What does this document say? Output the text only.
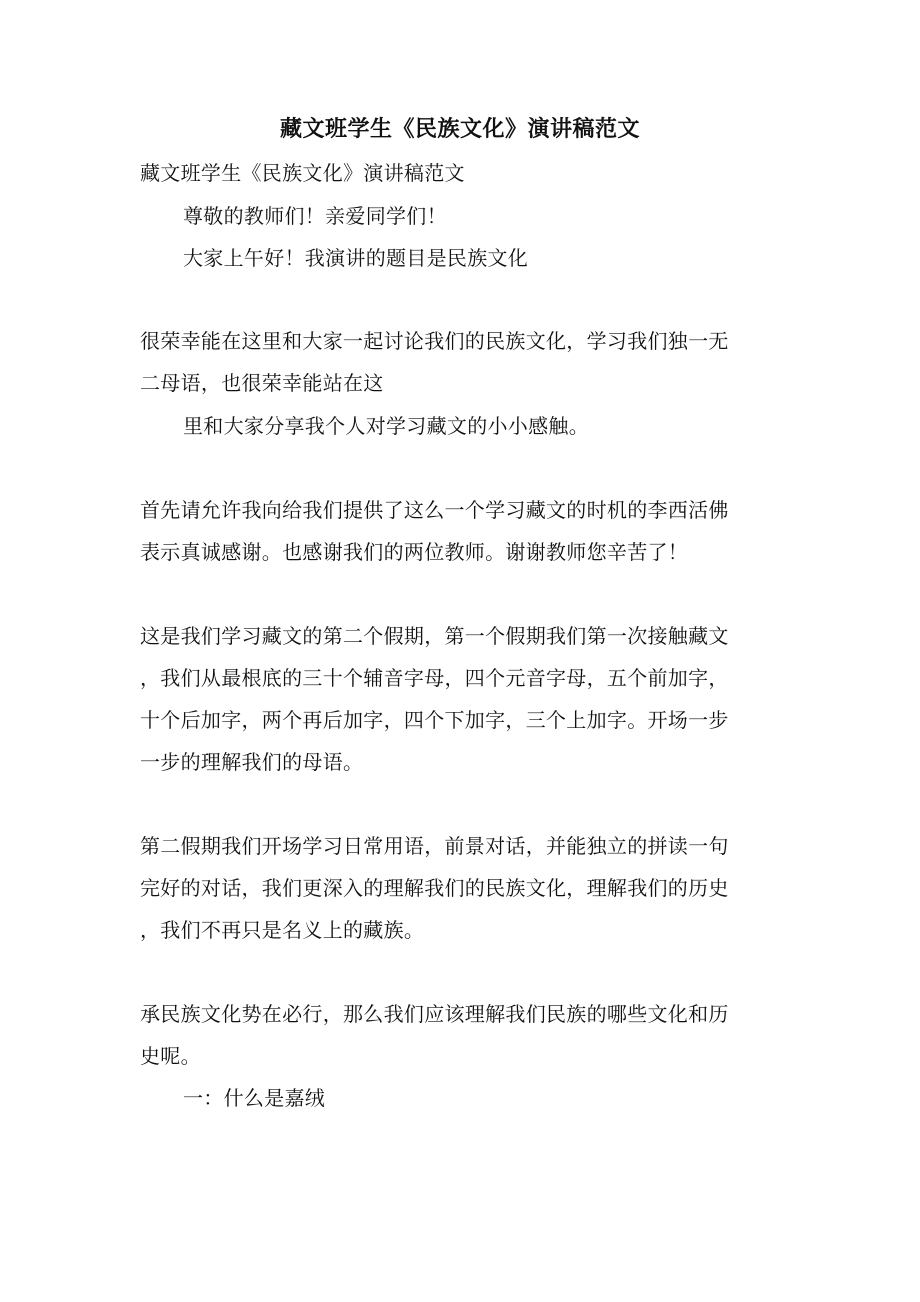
藏文班学生《民族文化》演讲稿范文

藏文班学生《民族文化》演讲稿范文

尊敬的教师们！亲爱同学们！

大家上午好！我演讲的题目是民族文化

很荣幸能在这里和大家一起讨论我们的民族文化，学习我们独一无

二母语，也很荣幸能站在这

里和大家分享我个人对学习藏文的小小感触。

首先请允许我向给我们提供了这么一个学习藏文的时机的李西活佛

表示真诚感谢。也感谢我们的两位教师。谢谢教师您辛苦了！

这是我们学习藏文的第二个假期，第一个假期我们第一次接触藏文

，我们从最根底的三十个辅音字母，四个元音字母，五个前加字，

十个后加字，两个再后加字，四个下加字，三个上加字。开场一步

一步的理解我们的母语。

第二假期我们开场学习日常用语，前景对话，并能独立的拼读一句

完好的对话，我们更深入的理解我们的民族文化，理解我们的历史

，我们不再只是名义上的藏族。

承民族文化势在必行，那么我们应该理解我们民族的哪些文化和历

史呢。

一：什么是嘉绒
